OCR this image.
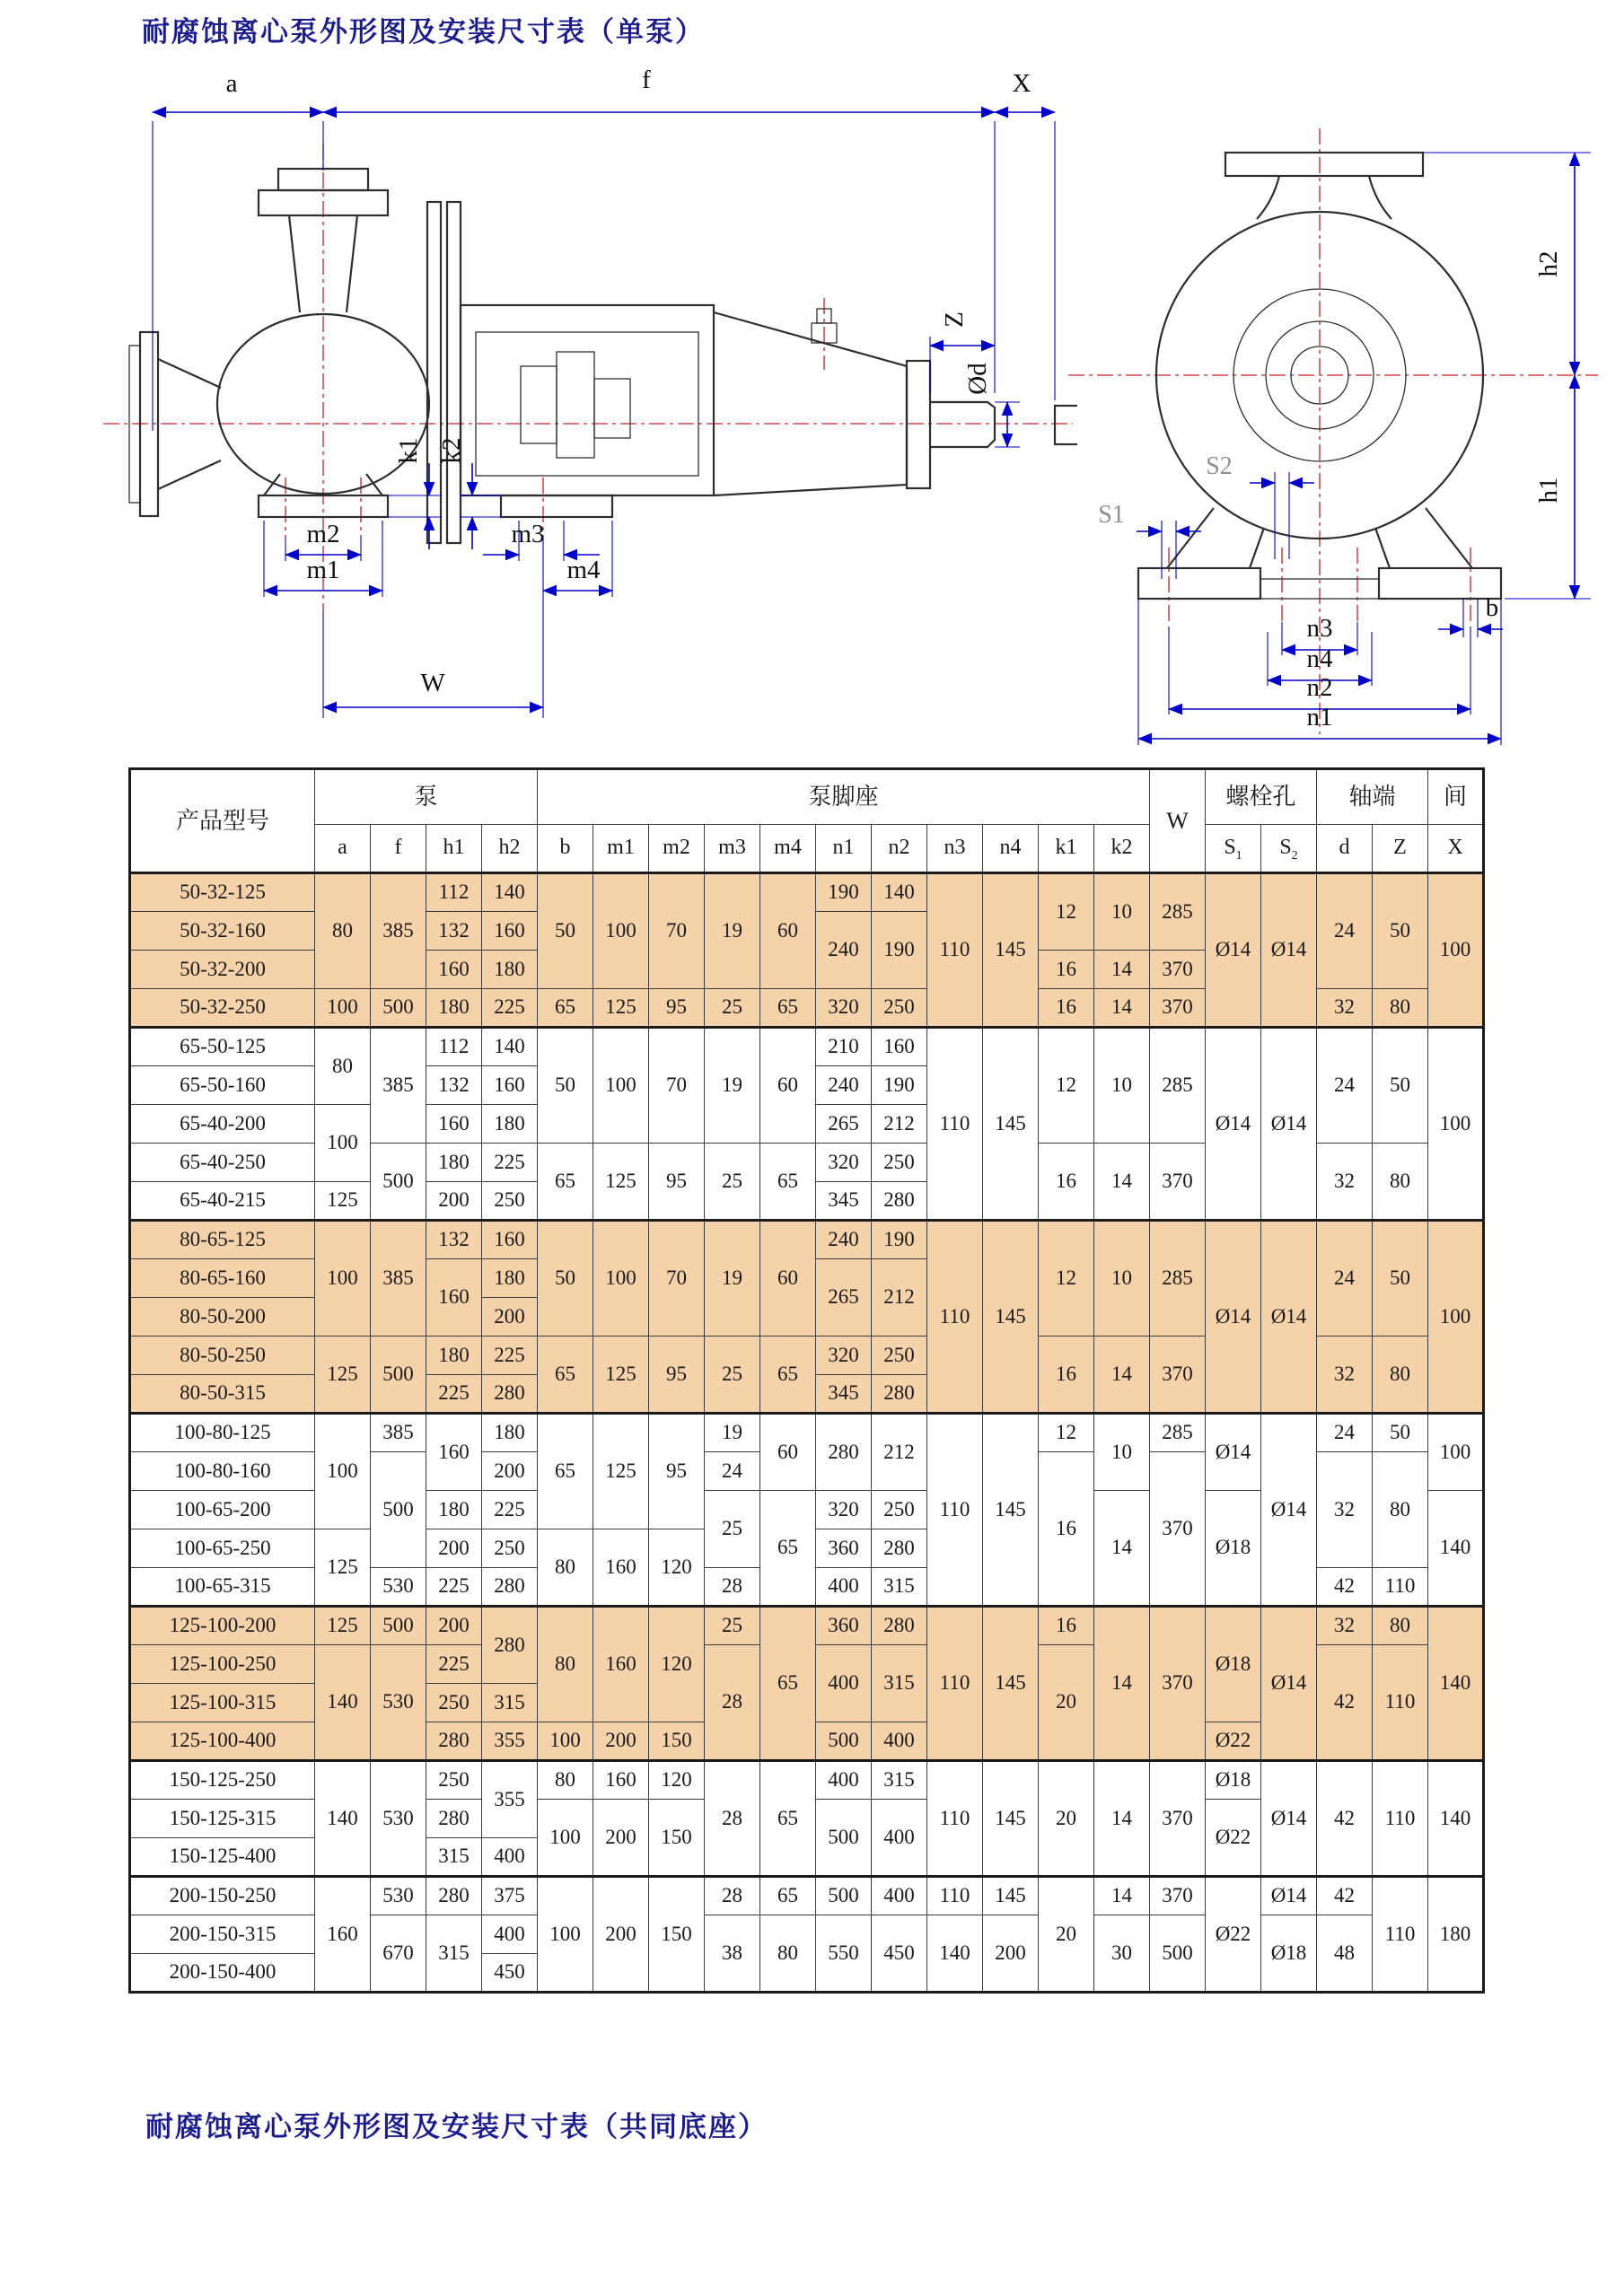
耐腐蚀离心泵外形图及安装尺寸表（单泵）
a	f	X
Z
Ød
k1 k2
m2
m1
m3
m4
W
h2
h1
S2
S1
b
n3
n4
n2
n1
产品型号	泵				泵脚座											W	螺栓孔		轴端		间
	a	f	h1	h2	b	m1	m2	m3	m4	n1	n2	n3	n4	k1	k2		$S_1$	$S_2$	d	Z	X
50-32-125	80	385	112	140	50	100	70	19	60	190	140	110	145	12	10	285	Ø14	Ø14	24	50	100
50-32-160			132	160						240	190										
50-32-200			160	180										16	14	370					
50-32-250	100	500	180	225	65	125	95	25	65	320	250			16	14	370			32	80	
65-50-125	80	385	112	140	50	100	70	19	60	210	160	110	145	12	10	285	Ø14	Ø14	24	50	100
65-50-160			132	160						240	190										
65-40-200	100		160	180						265	212										
65-40-250		500	180	225	65	125	95	25	65	320	250			16	14	370			32	80	
65-40-215	125		200	250						345	280										
80-65-125	100	385	132	160	50	100	70	19	60	240	190	110	145	12	10	285	Ø14	Ø14	24	50	100
80-65-160			160	180						265	212										
80-50-200				200																	
80-50-250	125	500	180	225	65	125	95	25	65	320	250			16	14	370			32	80	
80-50-315			225	280						345	280										
100-80-125	100	385	160	180	65	125	95	19	60	280	212	110	145	12	10	285	Ø14	Ø14	24	50	100
100-80-160		500		200				24						16		370			32	80	
100-65-200			180	225				25	65	320	250				14		Ø18				140
100-65-250	125		200	250	80	160	120			360	280										
100-65-315		530	225	280				28		400	315								42	110	
125-100-200	125	500	200	280	80	160	120	25	65	360	280	110	145	16	14	370	Ø18	Ø14	32	80	140
125-100-250	140	530	225					28		400	315			20					42	110	
125-100-315			250	315																	
125-100-400			280	355	100	200	150			500	400						Ø22				
150-125-250	140	530	250	355	80	160	120	28	65	400	315	110	145	20	14	370	Ø18	Ø14	42	110	140
150-125-315			280		100	200	150			500	400						Ø22				
150-125-400			315	400																	
200-150-250	160	530	280	375	100	200	150	28	65	500	400	110	145	20	14	370	Ø22	Ø14	42	110	180
200-150-315		670	315	400				38	80	550	450	140	200		30	500		Ø18	48		
200-150-400				450																	
耐腐蚀离心泵外形图及安装尺寸表（共同底座）
